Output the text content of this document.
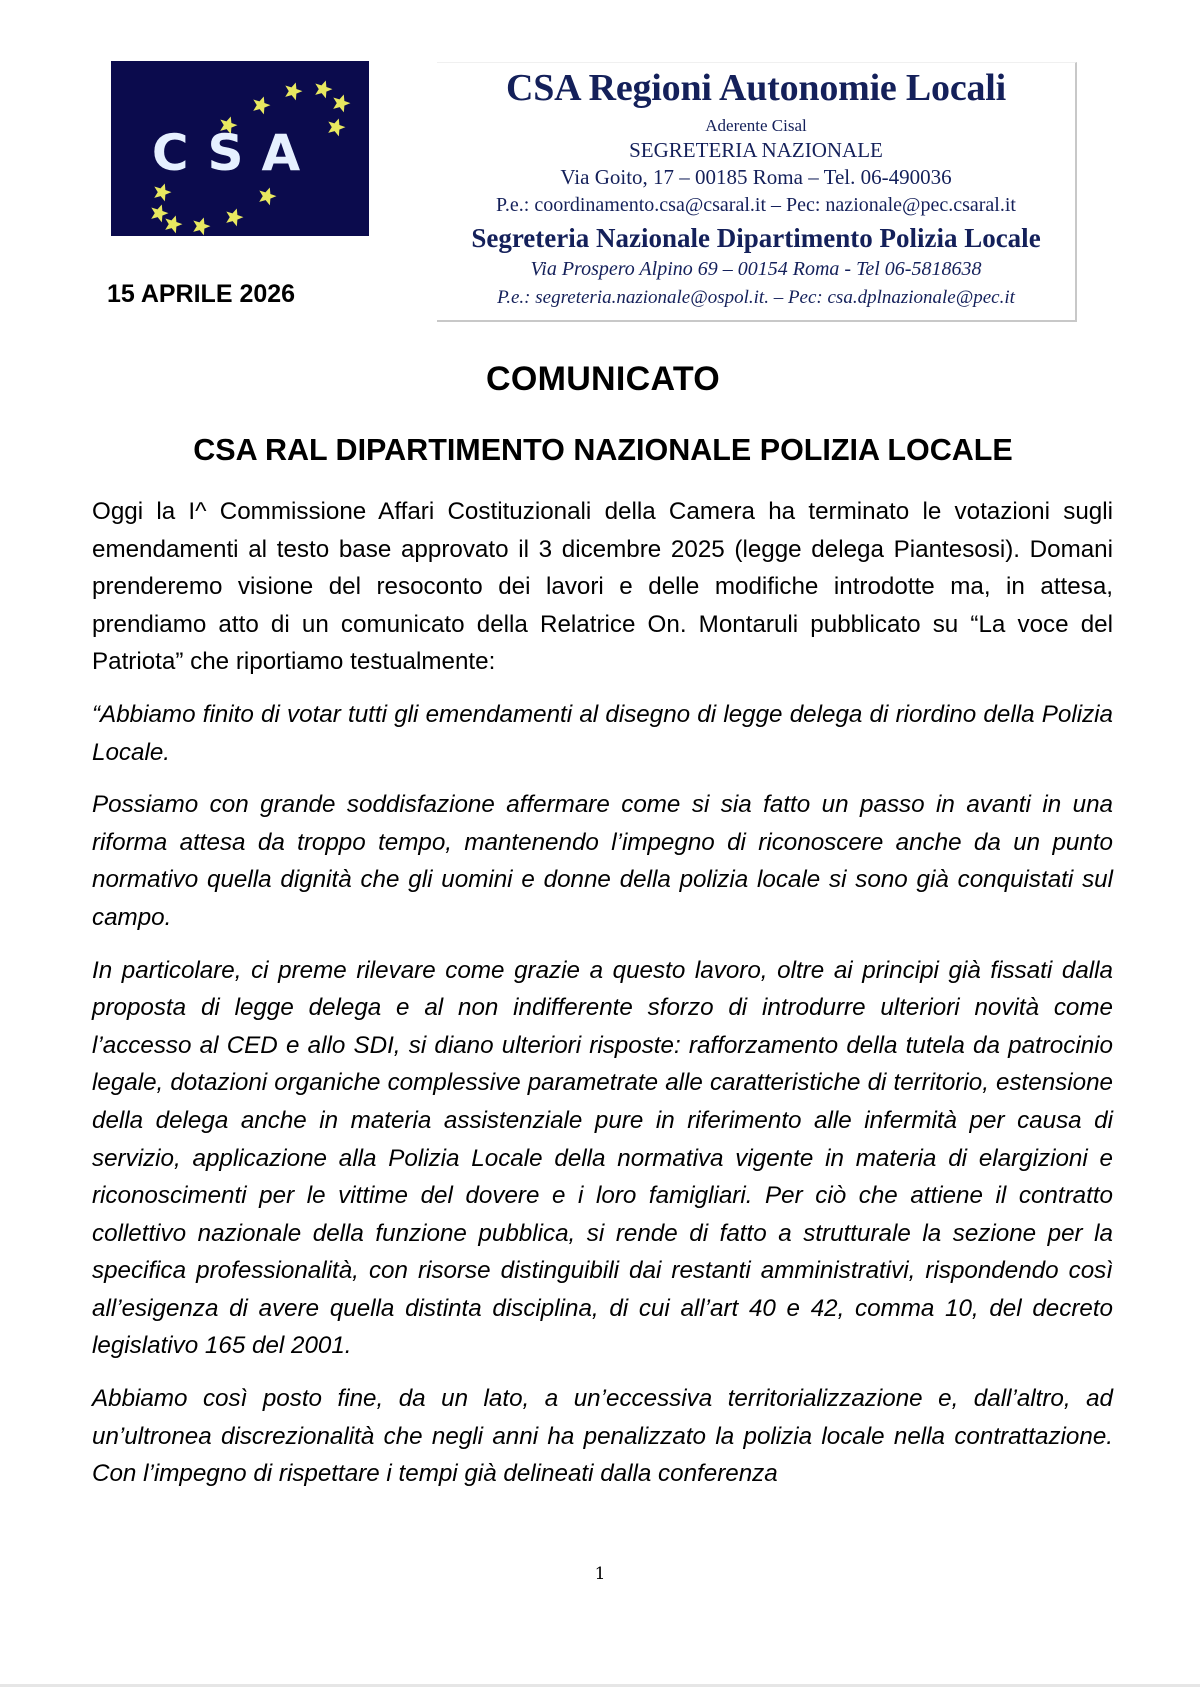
CSA
CSA Regioni Autonomie Locali
Aderente Cisal
SEGRETERIA NAZIONALE
Via Goito, 17 – 00185 Roma – Tel. 06-490036
P.e.: coordinamento.csa@csaral.it – Pec: nazionale@pec.csaral.it
Segreteria Nazionale Dipartimento Polizia Locale
Via Prospero Alpino 69 – 00154 Roma - Tel 06-5818638
P.e.: segreteria.nazionale@ospol.it. – Pec: csa.dplnazionale@pec.it
15 APRILE 2026
COMUNICATO
CSA RAL DIPARTIMENTO NAZIONALE POLIZIA LOCALE

Oggi la I^ Commissione Affari Costituzionali della Camera ha terminato le votazioni sugli emendamenti al testo base approvato il 3 dicembre 2025 (legge delega Piantesosi). Domani prenderemo visione del resoconto dei lavori e delle modifiche introdotte ma, in attesa, prendiamo atto di un comunicato della Relatrice On. Montaruli pubblicato su “La voce del Patriota” che riportiamo testualmente:

“Abbiamo finito di votar tutti gli emendamenti al disegno di legge delega di riordino della Polizia Locale.

Possiamo con grande soddisfazione affermare come si sia fatto un passo in avanti in una riforma attesa da troppo tempo, mantenendo l’impegno di riconoscere anche da un punto normativo quella dignità che gli uomini e donne della polizia locale si sono già conquistati sul campo.

In particolare, ci preme rilevare come grazie a questo lavoro, oltre ai principi già fissati dalla proposta di legge delega e al non indifferente sforzo di introdurre ulteriori novità come l’accesso al CED e allo SDI, si diano ulteriori risposte: rafforzamento della tutela da patrocinio legale, dotazioni organiche complessive parametrate alle caratteristiche di territorio, estensione della delega anche in materia assistenziale pure in riferimento alle infermità per causa di servizio, applicazione alla Polizia Locale della normativa vigente in materia di elargizioni e riconoscimenti per le vittime del dovere e i loro famigliari. Per ciò che attiene il contratto collettivo nazionale della funzione pubblica, si rende di fatto a strutturale la sezione per la specifica professionalità, con risorse distinguibili dai restanti amministrativi, rispondendo così all’esigenza di avere quella distinta disciplina, di cui all’art 40 e 42, comma 10, del decreto legislativo 165 del 2001.

Abbiamo così posto fine, da un lato, a un’eccessiva territorializzazione e, dall’altro, ad un’ultronea discrezionalità che negli anni ha penalizzato la polizia locale nella contrattazione. Con l’impegno di rispettare i tempi già delineati dalla conferenza

1
